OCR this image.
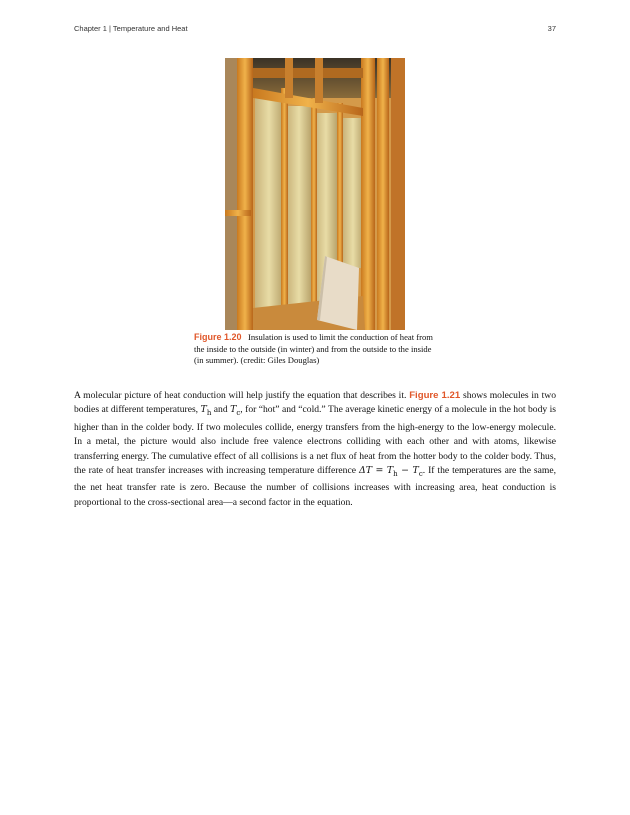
Chapter 1 | Temperature and Heat	37
Figure 1.20 Insulation is used to limit the conduction of heat from the inside to the outside (in winter) and from the outside to the inside (in summer). (credit: Giles Douglas)

A molecular picture of heat conduction will help justify the equation that describes it. Figure 1.21 shows molecules in two bodies at different temperatures, $T_h$ and $T_c$, for “hot” and “cold.” The average kinetic energy of a molecule in the hot body is higher than in the colder body. If two molecules collide, energy transfers from the high-energy to the low-energy molecule. In a metal, the picture would also include free valence electrons colliding with each other and with atoms, likewise transferring energy. The cumulative effect of all collisions is a net flux of heat from the hotter body to the colder body. Thus, the rate of heat transfer increases with increasing temperature difference $\Delta T = T_h - T_c$. If the temperatures are the same, the net heat transfer rate is zero. Because the number of collisions increases with increasing area, heat conduction is proportional to the cross-sectional area—a second factor in the equation.
